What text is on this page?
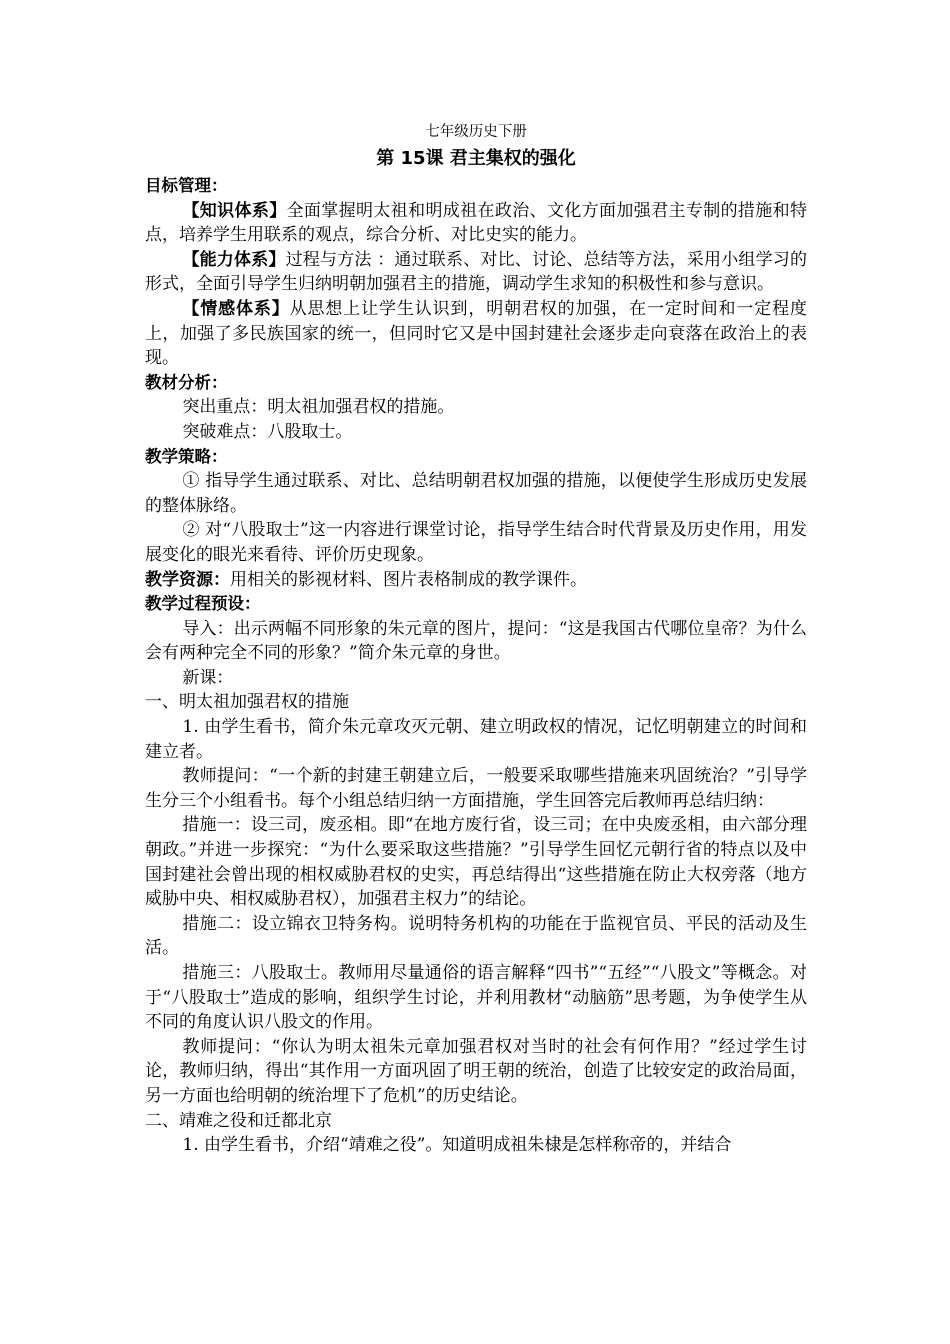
七年级历史下册
第 15课 君主集权的强化
目标管理：
【知识体系】全面掌握明太祖和明成祖在政治、文化方面加强君主专制的措施和特点，培养学生用联系的观点，综合分析、对比史实的能力。
【能力体系】过程与方法 ：通过联系、对比、讨论、总结等方法，采用小组学习的形式，全面引导学生归纳明朝加强君主的措施，调动学生求知的积极性和参与意识。
【情感体系】从思想上让学生认识到，明朝君权的加强，在一定时间和一定程度上，加强了多民族国家的统一，但同时它又是中国封建社会逐步走向衰落在政治上的表现。
教材分析：
突出重点：明太祖加强君权的措施。
突破难点：八股取士。
教学策略：
① 指导学生通过联系、对比、总结明朝君权加强的措施，以便使学生形成历史发展的整体脉络。
② 对“八股取士”这一内容进行课堂讨论，指导学生结合时代背景及历史作用，用发展变化的眼光来看待、评价历史现象。
教学资源：用相关的影视材料、图片表格制成的教学课件。
教学过程预设：
导入：出示两幅不同形象的朱元章的图片，提问：“这是我国古代哪位皇帝？为什么会有两种完全不同的形象？”简介朱元章的身世。
新课：
一、明太祖加强君权的措施
1. 由学生看书，简介朱元章攻灭元朝、建立明政权的情况，记忆明朝建立的时间和建立者。
教师提问：“一个新的封建王朝建立后，一般要采取哪些措施来巩固统治？”引导学生分三个小组看书。每个小组总结归纳一方面措施，学生回答完后教师再总结归纳：
措施一：设三司，废丞相。即“在地方废行省，设三司；在中央废丞相，由六部分理朝政。”并进一步探究：“为什么要采取这些措施？”引导学生回忆元朝行省的特点以及中国封建社会曾出现的相权威胁君权的史实，再总结得出“这些措施在防止大权旁落（地方威胁中央、相权威胁君权），加强君主权力”的结论。
措施二：设立锦衣卫特务构。说明特务机构的功能在于监视官员、平民的活动及生活。
措施三：八股取士。教师用尽量通俗的语言解释“四书”“五经”“八股文”等概念。对于“八股取士”造成的影响，组织学生讨论，并利用教材“动脑筋”思考题，为争使学生从不同的角度认识八股文的作用。
教师提问：“你认为明太祖朱元章加强君权对当时的社会有何作用？”经过学生讨论，教师归纳，得出“其作用一方面巩固了明王朝的统治，创造了比较安定的政治局面，另一方面也给明朝的统治埋下了危机”的历史结论。
二、靖难之役和迁都北京
1. 由学生看书，介绍“靖难之役”。知道明成祖朱棣是怎样称帝的，并结合
